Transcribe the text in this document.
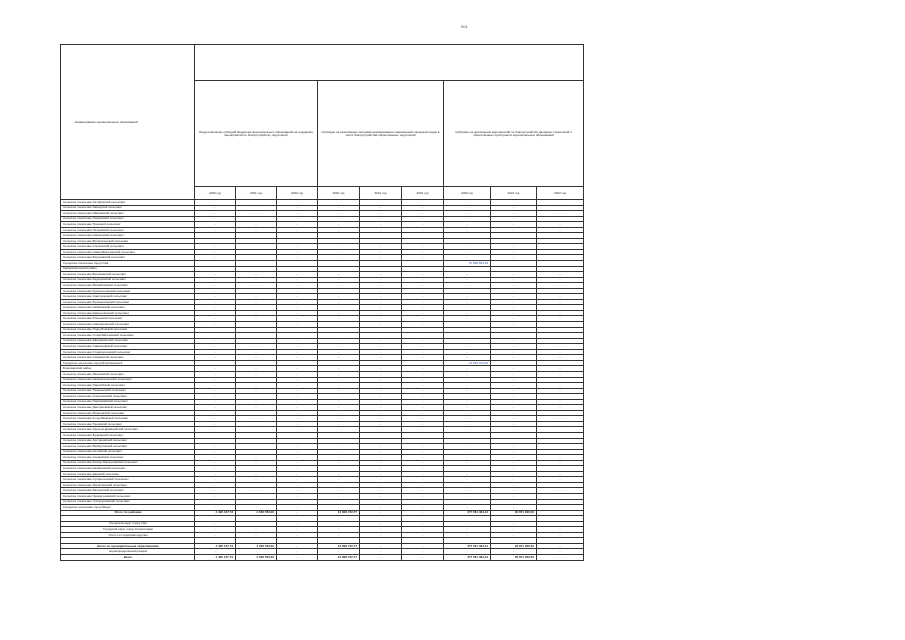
001
Наименование муниципальных образований									
	Предоставление субсидий бюджетам муниципальных образований на поддержку мероприятий по благоустройству территорий			Субсидии на реализацию программ формирования современной городской среды в части благоустройства общественных территорий			Субсидии на реализацию мероприятий по благоустройству дворовых территорий и общественных пространств муниципальных образований		
	2020 год	2021 год	2022 год	2020 год	2021 год	2022 год	2020 год	2021 год	2022 год
Сельское поселение Октябрьский сельсовет									
Сельское поселение Заводской сельсовет	-	-	-	-	-	-	-	-	-
Сельское поселение Ивановский сельсовет	-	-	-	-	-	-	-	-	-
Сельское поселение Покровский сельсовет	-	-	-	-	-	-	-	-	-
Сельское поселение Троицкий сельсовет	-	-	-	-	-	-	-	-	-
Сельское поселение Петровский сельсовет	-	-	-	-	-	-	-	-	-
Сельское поселение Никольский сельсовет									
Сельское поселение Воскресенский сельсовет									
Сельское поселение Сосновский сельсовет	-	-	-	-	-	-	-	-	-
Сельское поселение Нижнебиккузинский сельсовет	-	-	-	-	-	-	-	-	-
Сельское поселение Березовский сельсовет	-	-	-	-	-	-	-	-	-
Городское поселение город Уфа							97 358 653,93		
Кармаскалинский район									
Сельское поселение Бишкаинский сельсовет	-	-	-	-	-	-	-	-	-
Сельское поселение Кадыровский сельсовет	-	-	-	-	-	-	-	-	-
Сельское поселение Михайловский сельсовет	-	-	-	-	-	-	-	-	-
Сельское поселение Краснохолмский сельсовет	-	-	-	-	-	-	-	-	-
Сельское поселение Новотроицкий сельсовет	-	-	-	-	-	-	-	-	-
Сельское поселение Бузовьязовский сельсовет	-	-	-	-	-	-	-	-	-
Сельское поселение Кабаковский сельсовет	-	-	-	-	-	-	-	-	-
Сельское поселение Камышлинский сельсовет	-	-	-	-	-	-	-	-	-
Сельское поселение Ильинский сельсовет	-	-	-	-	-	-	-	-	-
Сельское поселение Новомусинский сельсовет	-	-	-	-	-	-	-	-	-
Сельское поселение Подлубовский сельсовет									
Сельское поселение Старобабичевский сельсовет									
Сельское поселение Ефремкинский сельсовет	-	-	-	-	-	-	-	-	-
Сельское поселение Савалеевский сельсовет	-	-	-	-	-	-	-	-	-
Сельское поселение Старомусинский сельсовет	-	-	-	-	-	-	-	-	-
Сельское поселение Сахаевский сельсовет	-	-	-	-	-	-	-	-	-
Городское поселение город Благовещенск							47 525 470,00		
Благоварский район	-	-	-	-	-	-	-	-	-
Сельское поселение Языковский сельсовет	-	-	-	-	-	-	-	-	-
Сельское поселение Кашкалашинский сельсовет	-	-	-	-	-	-	-	-	-
Сельское поселение Пришибский сельсовет	-	-	-	-	-	-	-	-	-
Сельское поселение Таналыкский сельсовет	-	-	-	-	-	-	-	-	-
Сельское поселение Алексеевский сельсовет	-	-	-	-	-	-	-	-	-
Сельское поселение Первомайский сельсовет	-	-	-	-	-	-	-	-	-
Сельское поселение Дмитриевский сельсовет	-	-	-	-	-	-	-	-	-
Сельское поселение Мирновский сельсовет	-	-	-	-	-	-	-	-	-
Сельское поселение Кучербаевский сельсовет	-	-	-	-	-	-	-	-	-
Сельское поселение Тановский сельсовет	-	-	-	-	-	-	-	-	-
Сельское поселение Удельно-Дуванейский сельсовет									
Сельское поселение Буздякский сельсовет									
Сельское поселение Арслановский сельсовет									
Сельское поселение Бижбулякский сельсовет	-	-	-	-	-	-	-	-	-
Сельское поселение Аитовский сельсовет	-	-	-	-	-	-	-	-	-
Сельское поселение Азнаевский сельсовет	-	-	-	-	-	-	-	-	-
Сельское поселение Кенгер-Менеузовский сельсовет	-	-	-	-	-	-	-	-	-
Сельское поселение Калининский сельсовет	-	-	-	-	-	-	-	-	-
Сельское поселение Демский сельсовет	-	-	-	-	-	-	-	-	-
Сельское поселение Сухореченский сельсовет	-	-	-	-	-	-	-	-	-
Сельское поселение Зириклинский сельсовет	-	-	-	-	-	-	-	-	-
Сельское поселение Базлыкский сельсовет	-	-	-	-	-	-	-	-	-
Сельское поселение Чекмагушевский сельсовет	-	-	-	-	-	-	-	-	-
Сельское поселение Тузлукушевский сельсовет									
Городское поселение город Янаул	-	-	-	-	-	-	-	-	-
Итого по районам	4 495 447,73	4 046 783,00	-	10 828 472,77	-	-	477 561 484,44	30 871 000,00	-

Городской округ город Уфа	-	-	-	-	-	-	-	-	-
Городской округ город Стерлитамак	-	-	-	-	-	-	-	-	-
Итого по городским округам	-	-	-	-	-	-	-	-	-

Всего по муниципальным образованиям	4 495 447,73	4 046 783,00	-	10 828 472,77	-	-	477 561 484,44	30 871 000,00	-
Нераспределенный резерв	-	-	-	-	-	-	-	-	-
Всего	4 495 447,73	4 046 783,00	-	10 828 472,77	-	-	477 561 484,44	30 871 000,00	-
